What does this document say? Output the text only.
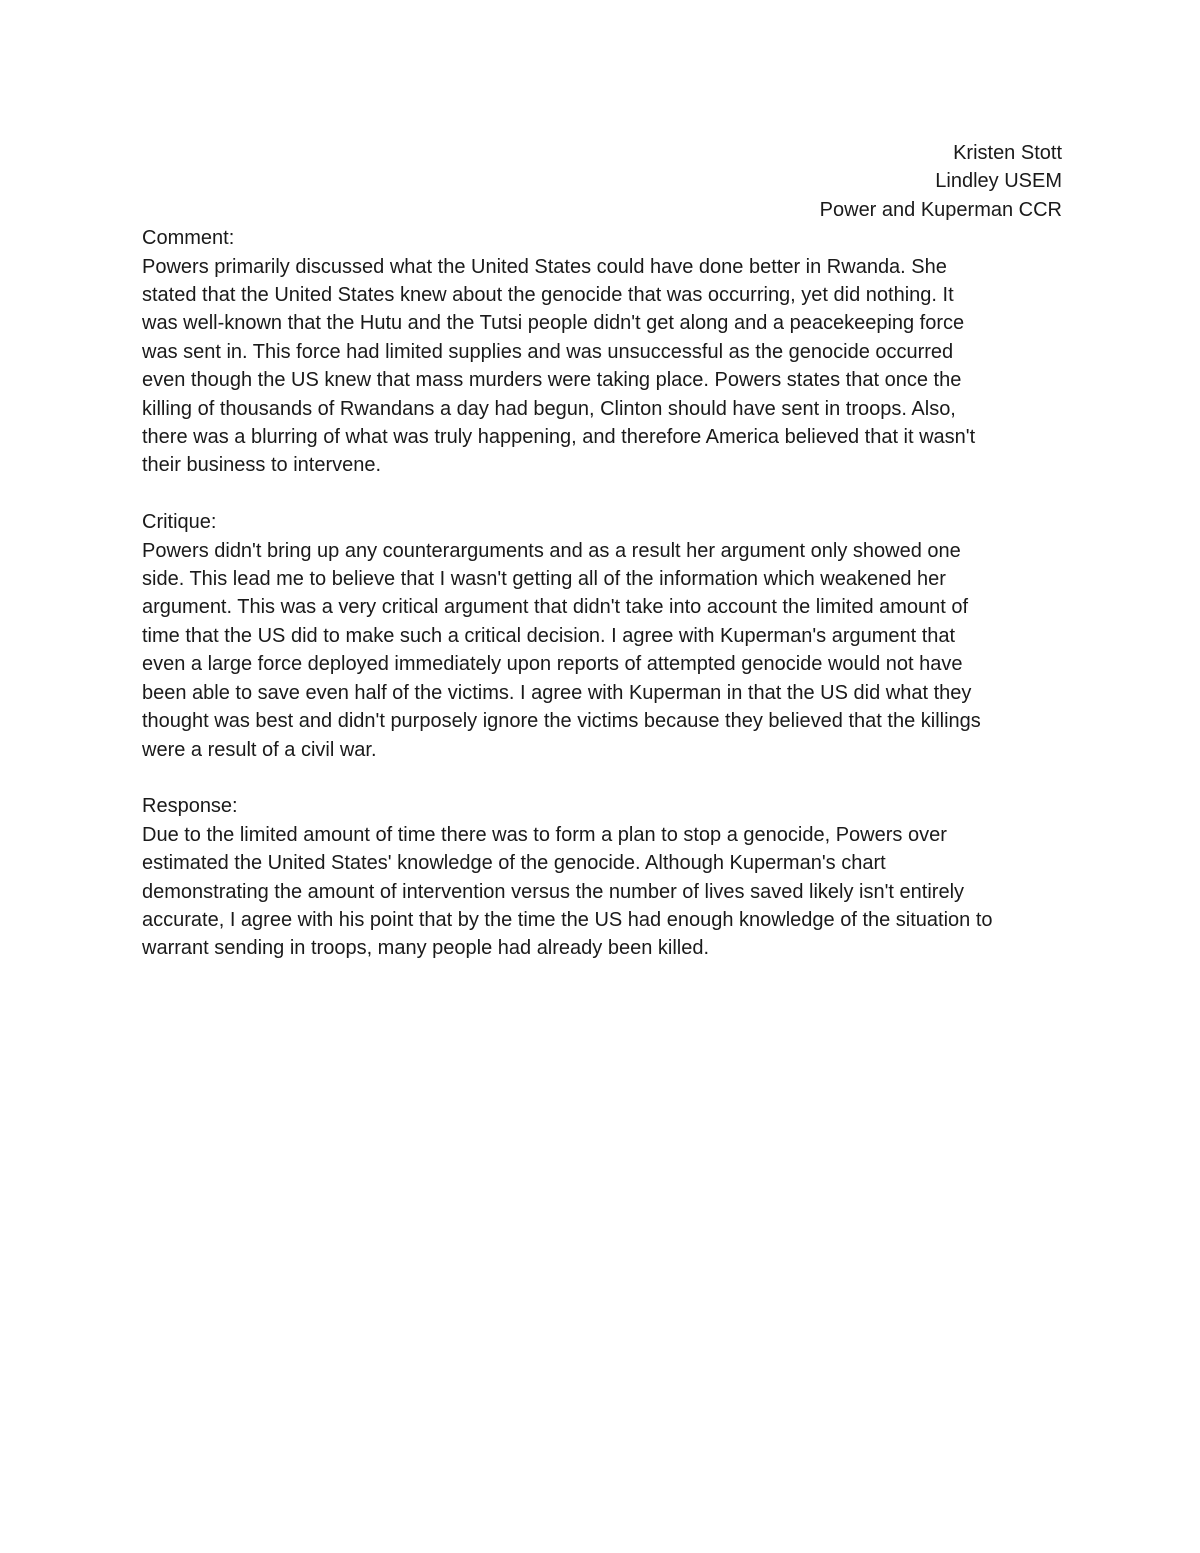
Kristen Stott
Lindley USEM
Power and Kuperman CCR
Comment:
Powers primarily discussed what the United States could have done better in Rwanda. She
stated that the United States knew about the genocide that was occurring, yet did nothing. It
was well-known that the Hutu and the Tutsi people didn't get along and a peacekeeping force
was sent in. This force had limited supplies and was unsuccessful as the genocide occurred
even though the US knew that mass murders were taking place. Powers states that once the
killing of thousands of Rwandans a day had begun, Clinton should have sent in troops. Also,
there was a blurring of what was truly happening, and therefore America believed that it wasn't
their business to intervene.
Critique:
Powers didn't bring up any counterarguments and as a result her argument only showed one
side. This lead me to believe that I wasn't getting all of the information which weakened her
argument. This was a very critical argument that didn't take into account the limited amount of
time that the US did to make such a critical decision. I agree with Kuperman's argument that
even a large force deployed immediately upon reports of attempted genocide would not have
been able to save even half of the victims. I agree with Kuperman in that the US did what they
thought was best and didn't purposely ignore the victims because they believed that the killings
were a result of a civil war.
Response:
Due to the limited amount of time there was to form a plan to stop a genocide, Powers over
estimated the United States' knowledge of the genocide. Although Kuperman's chart
demonstrating the amount of intervention versus the number of lives saved likely isn't entirely
accurate, I agree with his point that by the time the US had enough knowledge of the situation to
warrant sending in troops, many people had already been killed.
